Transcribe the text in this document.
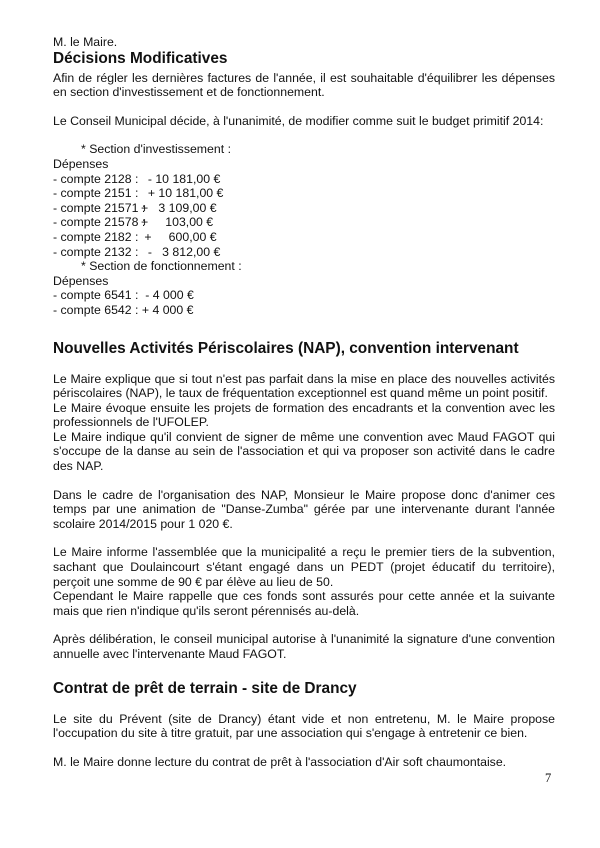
M. le Maire.

Décisions Modificatives

Afin de régler les dernières factures de l'année, il est souhaitable d'équilibrer les dépenses en section d'investissement et de fonctionnement.

Le Conseil Municipal décide, à l'unanimité, de modifier comme suit le budget primitif 2014:

* Section d'investissement :

Dépenses

- compte 2128 : - 10 181,00 €
- compte 2151 : + 10 181,00 €
- compte 21571 :
+   3 109,00 €
- compte 21578 :
+     103,00 €
- compte 2182 : +     600,00 €
- compte 2132 : -   3 812,00 €

* Section de fonctionnement :

Dépenses

- compte 6541 :  - 4 000 €

- compte 6542 : + 4 000 €

Nouvelles Activités Périscolaires (NAP), convention intervenant

Le Maire explique que si tout n'est pas parfait dans la mise en place des nouvelles activités périscolaires (NAP), le taux de fréquentation exceptionnel est quand même un point positif.

Le Maire évoque ensuite les projets de formation des encadrants et la convention avec les professionnels de l'UFOLEP.

Le Maire indique qu'il convient de signer de même une convention avec Maud FAGOT qui s'occupe de la danse au sein de l'association et qui va proposer son activité dans le cadre des NAP.

Dans le cadre de l'organisation des NAP, Monsieur le Maire propose donc d'animer ces temps par une animation de "Danse-Zumba" gérée par une intervenante durant l'année scolaire 2014/2015 pour 1 020 €.

Le Maire informe l'assemblée que la municipalité a reçu le premier tiers de la subvention, sachant que Doulaincourt s'étant engagé dans un PEDT (projet éducatif du territoire), perçoit une somme de 90 € par élève au lieu de 50.

Cependant le Maire rappelle que ces fonds sont assurés pour cette année et la suivante mais que rien n'indique qu'ils seront pérennisés au-delà.

Après délibération, le conseil municipal autorise à l'unanimité la signature d'une convention annuelle avec l'intervenante Maud FAGOT.

Contrat de prêt de terrain - site de Drancy

Le site du Prévent (site de Drancy) étant vide et non entretenu, M. le Maire propose l'occupation du site à titre gratuit, par une association qui s'engage à entretenir ce bien.

M. le Maire donne lecture du contrat de prêt à l'association d'Air soft chaumontaise.

7
